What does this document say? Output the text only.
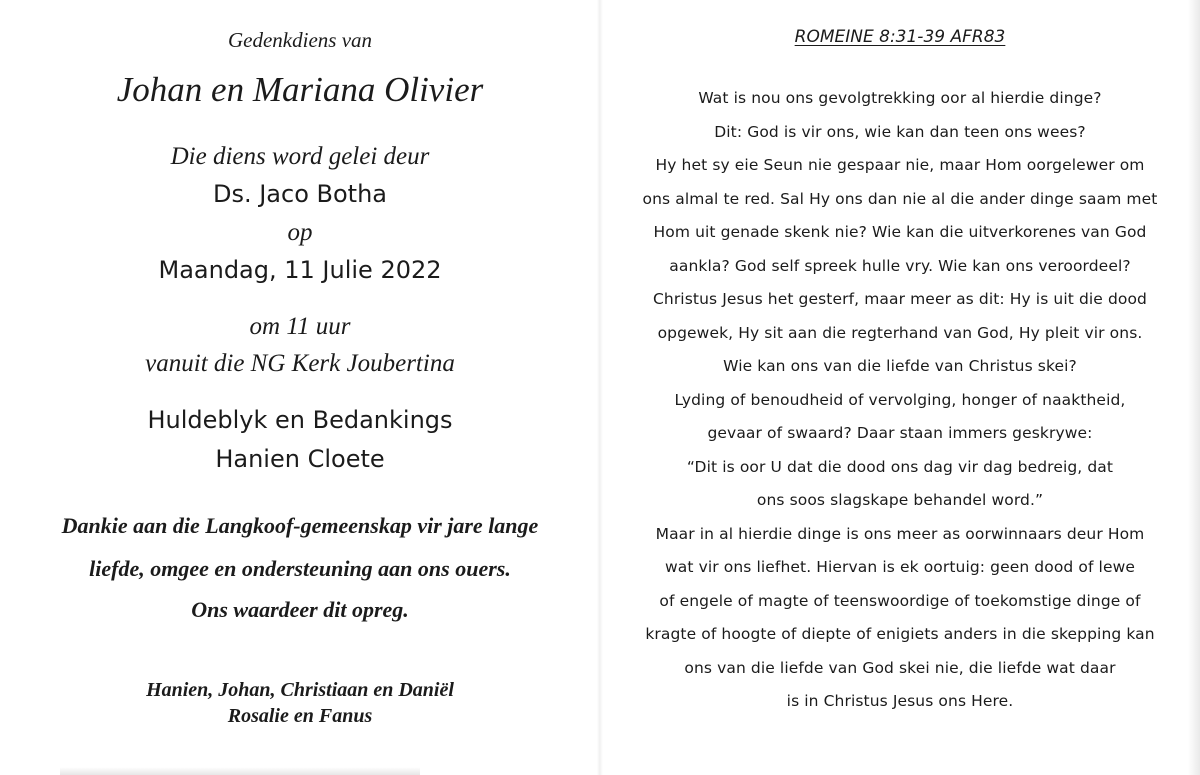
Gedenkdiens van
Johan en Mariana Olivier
Die diens word gelei deur
Ds. Jaco Botha
op
Maandag, 11 Julie 2022
om 11 uur
vanuit die NG Kerk Joubertina
Huldeblyk en Bedankings
Hanien Cloete
Dankie aan die Langkoof-gemeenskap vir jare lange
liefde, omgee en ondersteuning aan ons ouers.
Ons waardeer dit opreg.
Hanien, Johan, Christiaan en Daniël
Rosalie en Fanus
ROMEINE 8:31-39 AFR83
Wat is nou ons gevolgtrekking oor al hierdie dinge?
Dit: God is vir ons, wie kan dan teen ons wees?
Hy het sy eie Seun nie gespaar nie, maar Hom oorgelewer om
ons almal te red. Sal Hy ons dan nie al die ander dinge saam met
Hom uit genade skenk nie? Wie kan die uitverkorenes van God
aankla? God self spreek hulle vry. Wie kan ons veroordeel?
Christus Jesus het gesterf, maar meer as dit: Hy is uit die dood
opgewek, Hy sit aan die regterhand van God, Hy pleit vir ons.
Wie kan ons van die liefde van Christus skei?
Lyding of benoudheid of vervolging, honger of naaktheid,
gevaar of swaard? Daar staan immers geskrywe:
“Dit is oor U dat die dood ons dag vir dag bedreig, dat
ons soos slagskape behandel word.”
Maar in al hierdie dinge is ons meer as oorwinnaars deur Hom
wat vir ons liefhet. Hiervan is ek oortuig: geen dood of lewe
of engele of magte of teenswoordige of toekomstige dinge of
kragte of hoogte of diepte of enigiets anders in die skepping kan
ons van die liefde van God skei nie, die liefde wat daar
is in Christus Jesus ons Here.
